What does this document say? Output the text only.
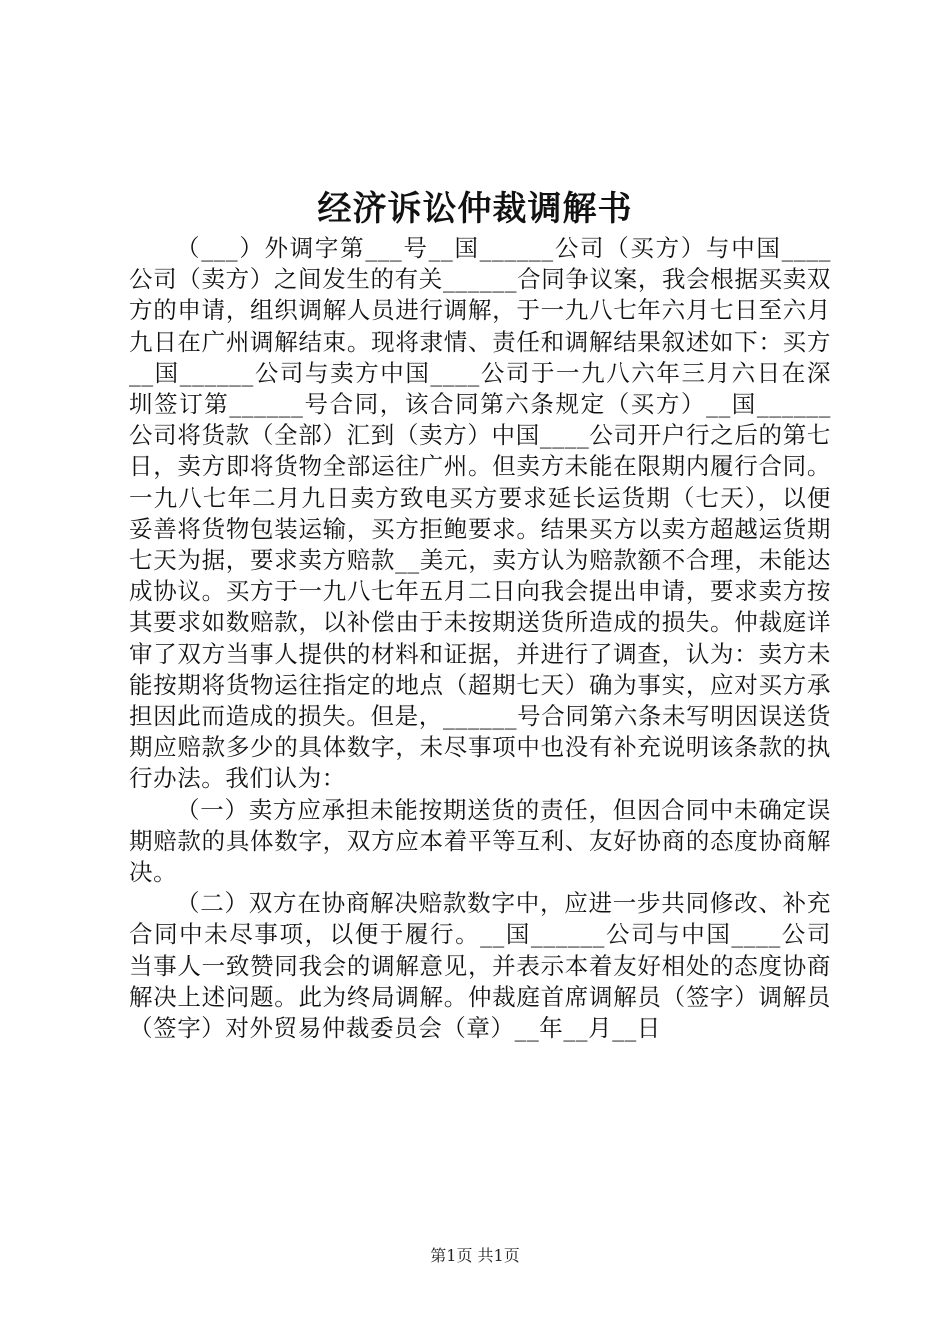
经济诉讼仲裁调解书

（___）外调字第___号__国______公司（买方）与中国____公司（卖方）之间发生的有关______合同争议案，我会根据买卖双方的申请，组织调解人员进行调解，于一九八七年六月七日至六月九日在广州调解结束。现将隶情、责任和调解结果叙述如下：买方__国______公司与卖方中国____公司于一九八六年三月六日在深圳签订第______号合同，该合同第六条规定（买方）__国______公司将货款（全部）汇到（卖方）中国____公司开户行之后的第七日，卖方即将货物全部运往广州。但卖方未能在限期内履行合同。一九八七年二月九日卖方致电买方要求延长运货期（七天），以便妥善将货物包装运输，买方拒鲍要求。结果买方以卖方超越运货期七天为据，要求卖方赔款__美元，卖方认为赔款额不合理，未能达成协议。买方于一九八七年五月二日向我会提出申请，要求卖方按其要求如数赔款，以补偿由于未按期送货所造成的损失。仲裁庭详审了双方当事人提供的材料和证据，并进行了调查，认为：卖方未能按期将货物运往指定的地点（超期七天）确为事实，应对买方承担因此而造成的损失。但是，______号合同第六条未写明因误送货期应赔款多少的具体数字，未尽事项中也没有补充说明该条款的执行办法。我们认为：

（一）卖方应承担未能按期送货的责任，但因合同中未确定误期赔款的具体数字，双方应本着平等互利、友好协商的态度协商解决。

（二）双方在协商解决赔款数字中，应进一步共同修改、补充合同中未尽事项，以便于履行。__国______公司与中国____公司当事人一致赞同我会的调解意见，并表示本着友好相处的态度协商解决上述问题。此为终局调解。仲裁庭首席调解员（签字）调解员（签字）对外贸易仲裁委员会（章）__年__月__日

第1页 共1页
